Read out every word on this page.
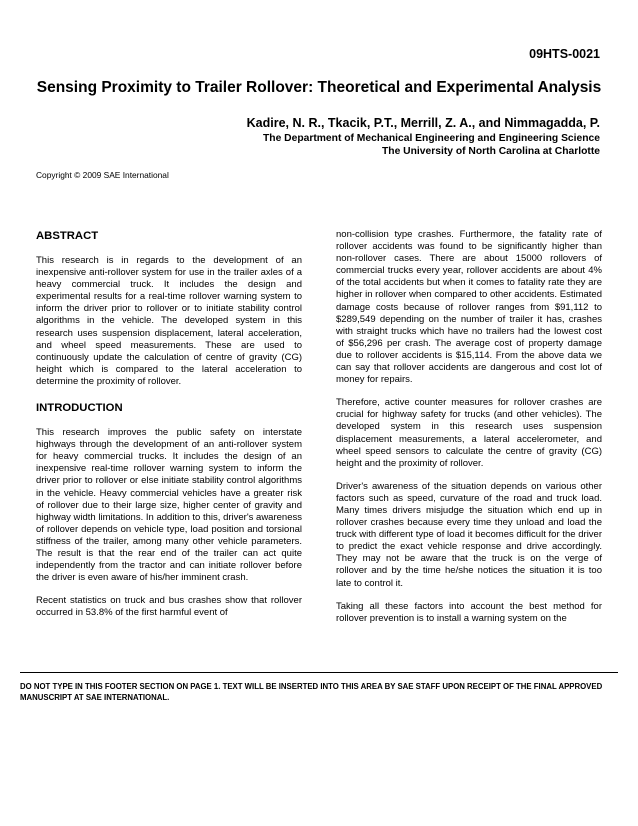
09HTS-0021
Sensing Proximity to Trailer Rollover: Theoretical and Experimental Analysis
Kadire, N. R., Tkacik, P.T., Merrill, Z. A., and Nimmagadda, P.
The Department of Mechanical Engineering and Engineering Science
The University of North Carolina at Charlotte
Copyright © 2009 SAE International
ABSTRACT

This research is in regards to the development of an inexpensive anti-rollover system for use in the trailer axles of a heavy commercial truck. It includes the design and experimental results for a real-time rollover warning system to inform the driver prior to rollover or to initiate stability control algorithms in the vehicle. The developed system in this research uses suspension displacement, lateral acceleration, and wheel speed measurements. These are used to continuously update the calculation of centre of gravity (CG) height which is compared to the lateral acceleration to determine the proximity of rollover.

INTRODUCTION

This research improves the public safety on interstate highways through the development of an anti-rollover system for heavy commercial trucks. It includes the design of an inexpensive real-time rollover warning system to inform the driver prior to rollover or else initiate stability control algorithms in the vehicle. Heavy commercial vehicles have a greater risk of rollover due to their large size, higher center of gravity and highway width limitations. In addition to this, driver's awareness of rollover depends on vehicle type, load position and torsional stiffness of the trailer, among many other vehicle parameters. The result is that the rear end of the trailer can act quite independently from the tractor and can initiate rollover before the driver is even aware of his/her imminent crash.

Recent statistics on truck and bus crashes show that rollover occurred in 53.8% of the first harmful event of

non-collision type crashes. Furthermore, the fatality rate of rollover accidents was found to be significantly higher than non-rollover cases. There are about 15000 rollovers of commercial trucks every year, rollover accidents are about 4% of the total accidents but when it comes to fatality rate they are higher in rollover when compared to other accidents. Estimated damage costs because of rollover ranges from $91,112 to $289,549 depending on the number of trailer it has, crashes with straight trucks which have no trailers had the lowest cost of $56,296 per crash. The average cost of property damage due to rollover accidents is $15,114. From the above data we can say that rollover accidents are dangerous and cost lot of money for repairs.

Therefore, active counter measures for rollover crashes are crucial for highway safety for trucks (and other vehicles). The developed system in this research uses suspension displacement measurements, a lateral accelerometer, and wheel speed sensors to calculate the centre of gravity (CG) height and the proximity of rollover.

Driver's awareness of the situation depends on various other factors such as speed, curvature of the road and truck load. Many times drivers misjudge the situation which end up in rollover crashes because every time they unload and load the truck with different type of load it becomes difficult for the driver to predict the exact vehicle response and drive accordingly. They may not be aware that the truck is on the verge of rollover and by the time he/she notices the situation it is too late to control it.

Taking all these factors into account the best method for rollover prevention is to install a warning system on the

DO NOT TYPE IN THIS FOOTER SECTION ON PAGE 1. TEXT WILL BE INSERTED INTO THIS AREA BY SAE STAFF UPON RECEIPT OF THE FINAL APPROVED MANUSCRIPT AT SAE INTERNATIONAL.
